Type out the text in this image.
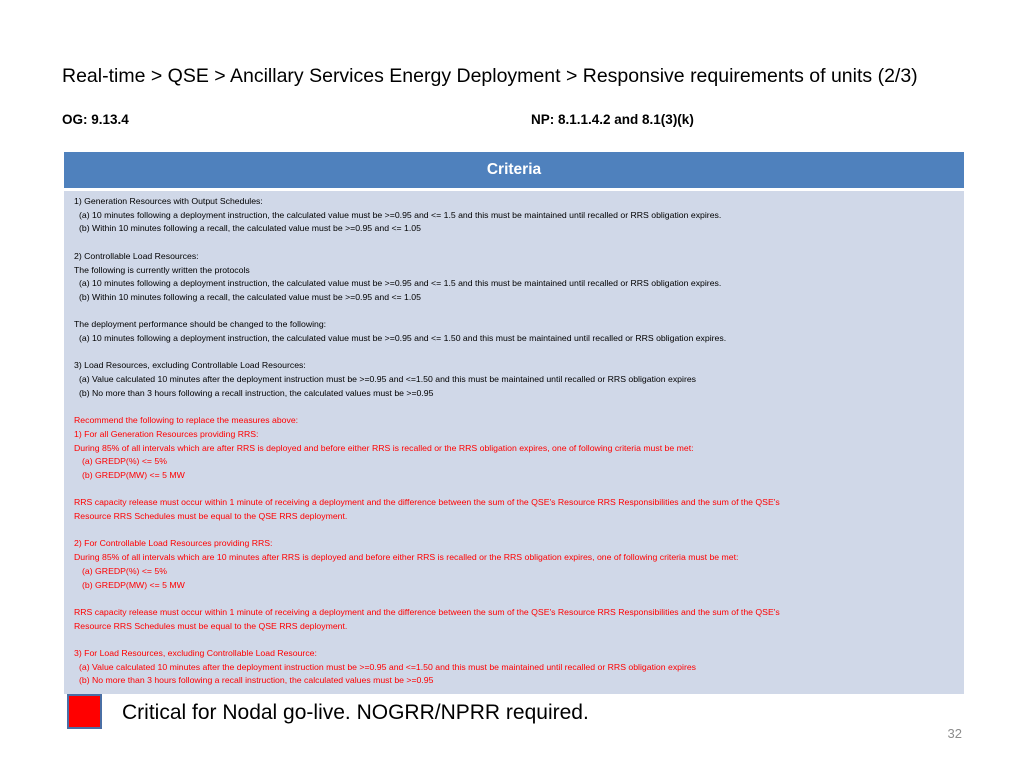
Real-time > QSE > Ancillary Services Energy Deployment > Responsive requirements of units (2/3)
OG: 9.13.4	NP: 8.1.1.4.2 and 8.1(3)(k)
Criteria
1) Generation Resources with Output Schedules:
(a) 10 minutes following a deployment instruction, the calculated value must be >=0.95 and <= 1.5 and this must be maintained until recalled or RRS obligation expires.
(b) Within 10 minutes following a recall, the calculated value must be >=0.95 and <= 1.05
2) Controllable Load Resources:
The following is currently written the protocols
(a) 10 minutes following a deployment instruction, the calculated value must be >=0.95 and <= 1.5 and this must be maintained until recalled or RRS obligation expires.
(b) Within 10 minutes following a recall, the calculated value must be >=0.95 and <= 1.05
The deployment performance should be changed to the following:
(a) 10 minutes following a deployment instruction, the calculated value must be >=0.95 and <= 1.50 and this must be maintained until recalled or RRS obligation expires.
3) Load Resources, excluding Controllable Load Resources:
(a) Value calculated 10 minutes after the deployment instruction must be >=0.95 and <=1.50 and this must be maintained until recalled or RRS obligation expires
(b) No more than 3 hours following a recall instruction, the calculated values must be >=0.95
Recommend the following to replace the measures above:
1) For all Generation Resources providing RRS:
During 85% of all intervals which are after RRS is deployed and before either RRS is recalled or the RRS obligation expires, one of following criteria must be met:
(a) GREDP(%) <= 5%
(b) GREDP(MW) <= 5 MW
RRS capacity release must occur within 1 minute of receiving a deployment and the difference between the sum of the QSE's Resource RRS Responsibilities and the sum of the QSE's
Resource RRS Schedules must be equal to the QSE RRS deployment.
2) For Controllable Load Resources providing RRS:
During 85% of all intervals which are 10 minutes after RRS is deployed and before either RRS is recalled or the RRS obligation expires, one of following criteria must be met:
(a) GREDP(%) <= 5%
(b) GREDP(MW) <= 5 MW
RRS capacity release must occur within 1 minute of receiving a deployment and the difference between the sum of the QSE's Resource RRS Responsibilities and the sum of the QSE's
Resource RRS Schedules must be equal to the QSE RRS deployment.
3) For Load Resources, excluding Controllable Load Resource:
(a) Value calculated 10 minutes after the deployment instruction must be >=0.95 and <=1.50 and this must be maintained until recalled or RRS obligation expires
(b) No more than 3 hours following a recall instruction, the calculated values must be >=0.95
Critical for Nodal go-live. NOGRR/NPRR required.
32
